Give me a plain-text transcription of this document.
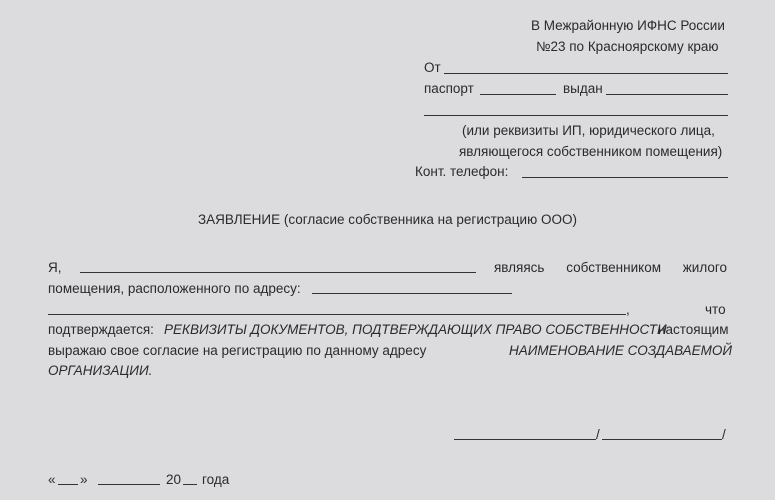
В Межрайонную ИФНС России
№23 по Красноярскому краю
От
паспорт	выдан
(или реквизиты ИП, юридического лица,
являющегося собственником помещения)
Конт. телефон:
ЗАЯВЛЕНИЕ (согласие собственника на регистрацию ООО)
Я,	являясь собственником жилого
помещения, расположенного по адресу:
,	что
подтверждается: РЕКВИЗИТЫ ДОКУМЕНТОВ, ПОДТВЕРЖДАЮЩИХ ПРАВО СОБСТВЕННОСТИ
настоящим
выражаю свое согласие на регистрацию по данному адресу	НАИМЕНОВАНИЕ СОЗДАВАЕМОЙ
ОРГАНИЗАЦИИ.
/	/
« »	20 года
